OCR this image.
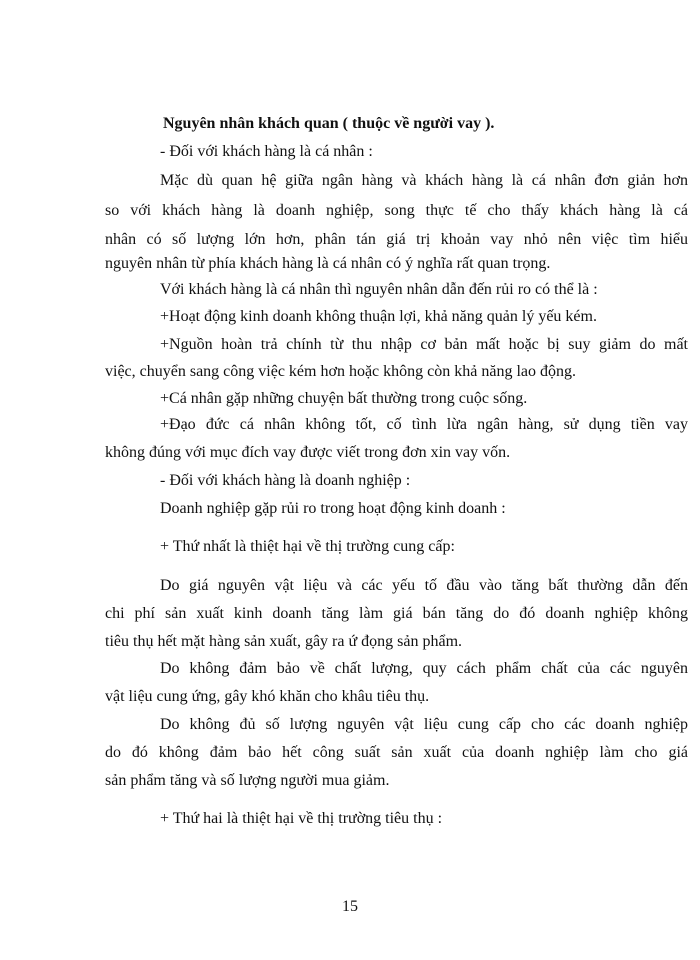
Nguyên nhân khách quan ( thuộc về người vay ).
- Đối với khách hàng là cá nhân :
Mặc dù quan hệ giữa ngân hàng và khách hàng là cá nhân đơn giản hơn
so với khách hàng là doanh nghiệp, song thực tế cho thấy khách hàng là cá
nhân có số lượng lớn hơn, phân tán giá trị khoản vay nhỏ nên việc tìm hiểu
nguyên nhân từ phía khách hàng là cá nhân có ý nghĩa rất quan trọng.
Với khách hàng là cá nhân thì nguyên nhân dẫn đến rủi ro có thể là :
+Hoạt động kinh doanh không thuận lợi, khả năng quản lý yếu kém.
+Nguồn hoàn trả chính từ thu nhập cơ bản mất hoặc bị suy giảm do mất
việc, chuyển sang công việc kém hơn hoặc không còn khả năng lao động.
+Cá nhân gặp những chuyện bất thường trong cuộc sống.
+Đạo đức cá nhân không tốt, cố tình lừa ngân hàng, sử dụng tiền vay
không đúng với mục đích vay được viết trong đơn xin vay vốn.
- Đối với khách hàng là doanh nghiệp :
Doanh nghiệp gặp rủi ro trong hoạt động kinh doanh :
+ Thứ nhất là thiệt hại về thị trường cung cấp:
Do giá nguyên vật liệu và các yếu tố đầu vào tăng bất thường dẫn đến
chi phí sản xuất kinh doanh tăng làm giá bán tăng do đó doanh nghiệp không
tiêu thụ hết mặt hàng sản xuất, gây ra ứ đọng sản phẩm.
Do không đảm bảo về chất lượng, quy cách phẩm chất của các nguyên
vật liệu cung ứng, gây khó khăn cho khâu tiêu thụ.
Do không đủ số lượng nguyên vật liệu cung cấp cho các doanh nghiệp
do đó không đảm bảo hết công suất sản xuất của doanh nghiệp làm cho giá
sản phẩm tăng và số lượng người mua giảm.
+ Thứ hai là thiệt hại về thị trường tiêu thụ :
15
